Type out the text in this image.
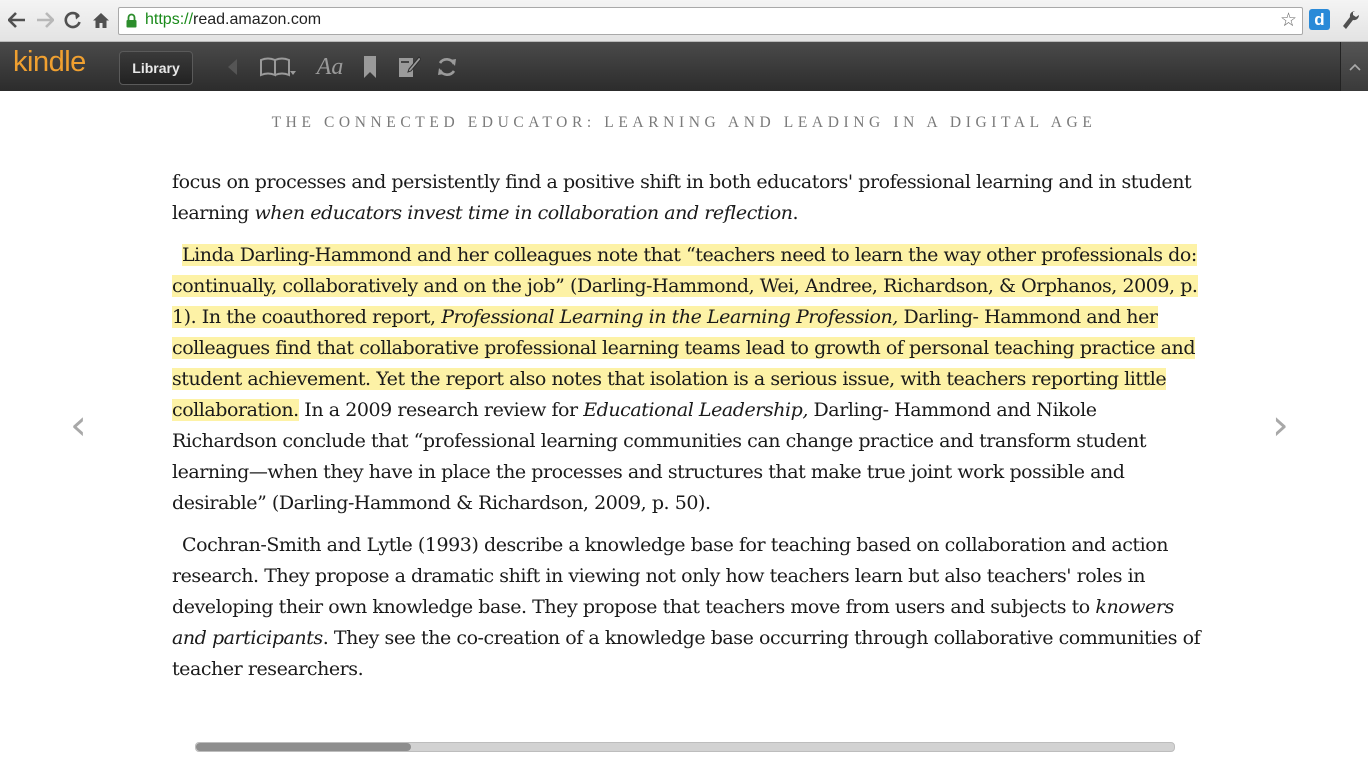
https://read.amazon.com	☆	d
kindle	Library	Aa
THE CONNECTED EDUCATOR: LEARNING AND LEADING IN A DIGITAL AGE
‹	›

focus on processes and persistently find a positive shift in both educators' professional learning and in student learning when educators invest time in collaboration and reflection.

Linda Darling-Hammond and her colleagues note that “teachers need to learn the way other professionals do: continually, collaboratively and on the job” (Darling-Hammond, Wei, Andree, Richardson, & Orphanos, 2009, p. 1). In the coauthored report, Professional Learning in the Learning Profession, Darling- Hammond and her colleagues find that collaborative professional learning teams lead to growth of personal teaching practice and student achievement. Yet the report also notes that isolation is a serious issue, with teachers reporting little collaboration. In a 2009 research review for Educational Leadership, Darling- Hammond and Nikole Richardson conclude that “professional learning communities can change practice and transform student learning—when they have in place the processes and structures that make true joint work possible and desirable” (Darling-Hammond & Richardson, 2009, p. 50).

Cochran-Smith and Lytle (1993) describe a knowledge base for teaching based on collaboration and action research. They propose a dramatic shift in viewing not only how teachers learn but also teachers' roles in developing their own knowledge base. They propose that teachers move from users and subjects to knowers and participants. They see the co-creation of a knowledge base occurring through collaborative communities of teacher researchers.
